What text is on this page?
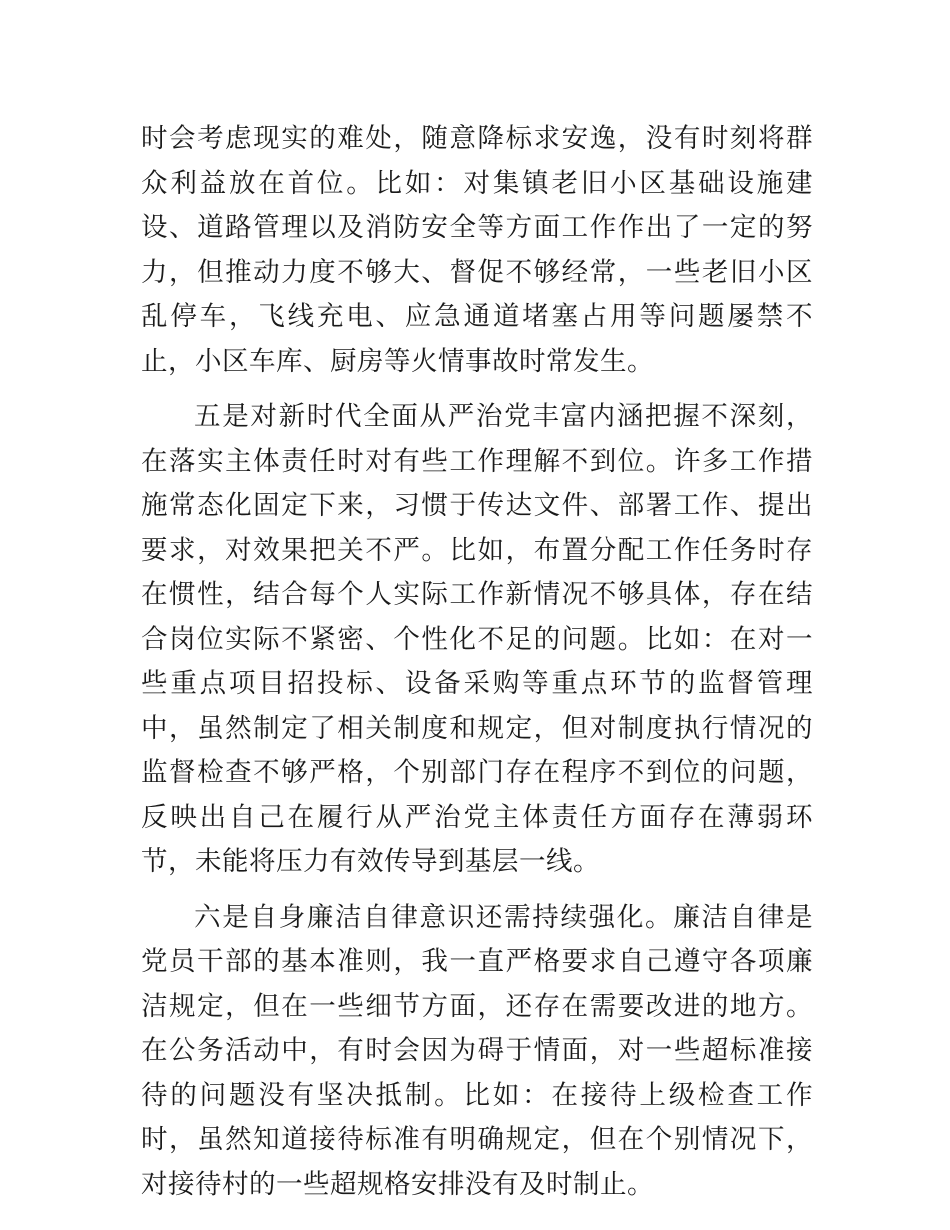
时会考虑现实的难处，随意降标求安逸，没有时刻将群众利益放在首位。比如：对集镇老旧小区基础设施建设、道路管理以及消防安全等方面工作作出了一定的努力，但推动力度不够大、督促不够经常，一些老旧小区乱停车，飞线充电、应急通道堵塞占用等问题屡禁不止，小区车库、厨房等火情事故时常发生。

五是对新时代全面从严治党丰富内涵把握不深刻，在落实主体责任时对有些工作理解不到位。许多工作措施常态化固定下来，习惯于传达文件、部署工作、提出要求，对效果把关不严。比如，布置分配工作任务时存在惯性，结合每个人实际工作新情况不够具体，存在结合岗位实际不紧密、个性化不足的问题。比如：在对一些重点项目招投标、设备采购等重点环节的监督管理中，虽然制定了相关制度和规定，但对制度执行情况的监督检查不够严格，个别部门存在程序不到位的问题，反映出自己在履行从严治党主体责任方面存在薄弱环节，未能将压力有效传导到基层一线。

六是自身廉洁自律意识还需持续强化。廉洁自律是党员干部的基本准则，我一直严格要求自己遵守各项廉洁规定，但在一些细节方面，还存在需要改进的地方。在公务活动中，有时会因为碍于情面，对一些超标准接待的问题没有坚决抵制。比如：在接待上级检查工作时，虽然知道接待标准有明确规定，但在个别情况下，对接待村的一些超规格安排没有及时制止。
